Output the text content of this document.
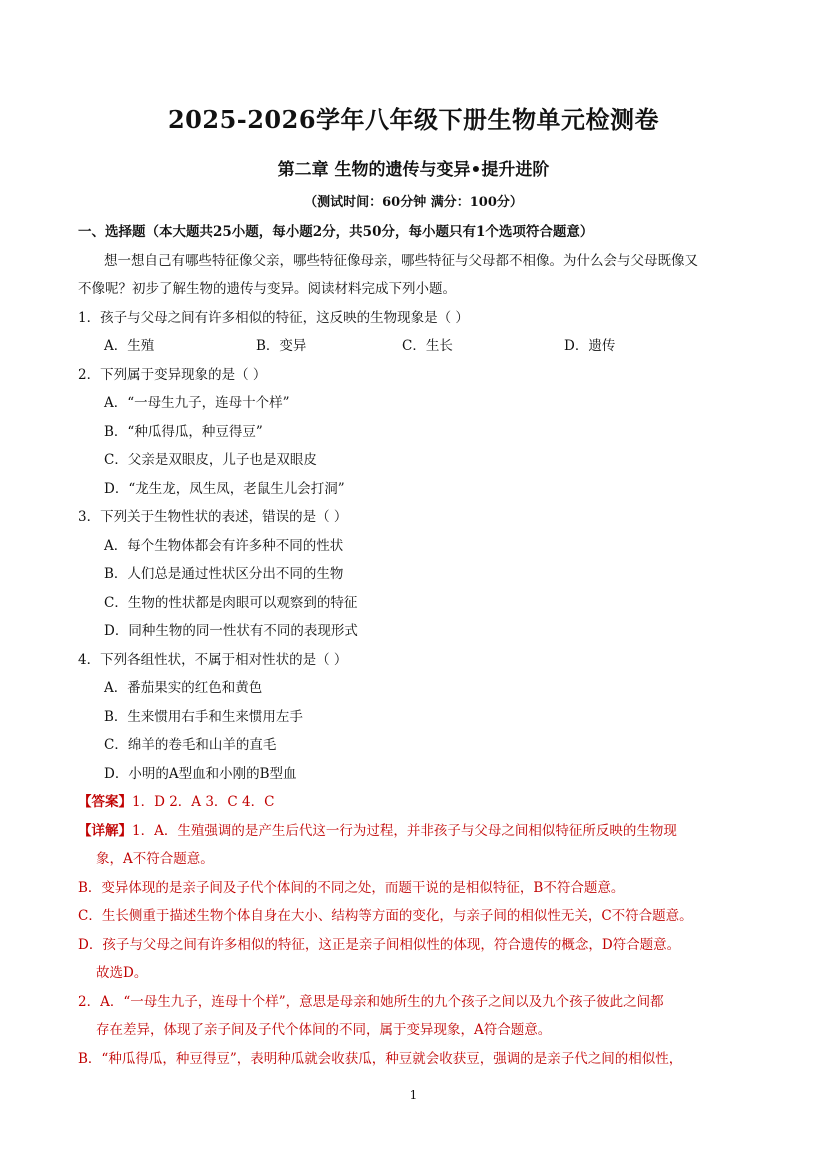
2025-2026学年八年级下册生物单元检测卷
第二章 生物的遗传与变异•提升进阶
（测试时间：60分钟 满分：100分）
一、选择题（本大题共25小题，每小题2分，共50分，每小题只有1个选项符合题意）
想一想自己有哪些特征像父亲，哪些特征像母亲，哪些特征与父母都不相像。为什么会与父母既像又
不像呢？初步了解生物的遗传与变异。阅读材料完成下列小题。
1．孩子与父母之间有许多相似的特征，这反映的生物现象是（ ）
A．生殖	B．变异	C．生长	D．遗传
2．下列属于变异现象的是（ ）
A．“一母生九子，连母十个样”
B．“种瓜得瓜，种豆得豆”
C．父亲是双眼皮，儿子也是双眼皮
D．“龙生龙，凤生凤，老鼠生儿会打洞”
3．下列关于生物性状的表述，错误的是（ ）
A．每个生物体都会有许多种不同的性状
B．人们总是通过性状区分出不同的生物
C．生物的性状都是肉眼可以观察到的特征
D．同种生物的同一性状有不同的表现形式
4．下列各组性状，不属于相对性状的是（ ）
A．番茄果实的红色和黄色
B．生来惯用右手和生来惯用左手
C．绵羊的卷毛和山羊的直毛
D．小明的A型血和小刚的B型血
【答案】1．D 2．A 3．C 4．C
【详解】1．A．生殖强调的是产生后代这一行为过程，并非孩子与父母之间相似特征所反映的生物现
象，A不符合题意。
B．变异体现的是亲子间及子代个体间的不同之处，而题干说的是相似特征，B不符合题意。
C．生长侧重于描述生物个体自身在大小、结构等方面的变化，与亲子间的相似性无关，C不符合题意。
D．孩子与父母之间有许多相似的特征，这正是亲子间相似性的体现，符合遗传的概念，D符合题意。
故选D。
2．A．“一母生九子，连母十个样”，意思是母亲和她所生的九个孩子之间以及九个孩子彼此之间都
存在差异，体现了亲子间及子代个体间的不同，属于变异现象，A符合题意。
B．“种瓜得瓜，种豆得豆”，表明种瓜就会收获瓜，种豆就会收获豆，强调的是亲子代之间的相似性，
1
